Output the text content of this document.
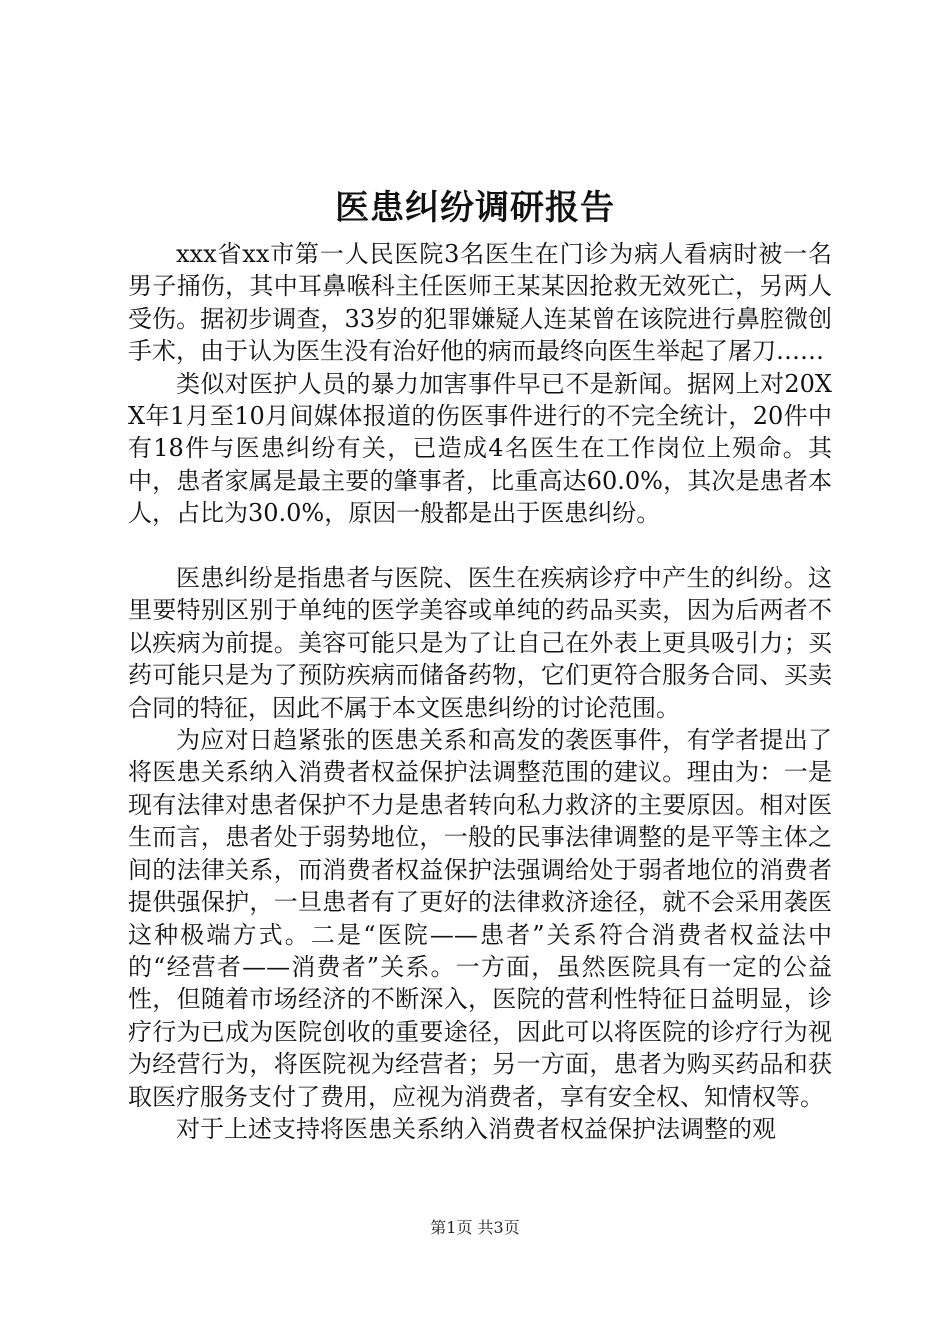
医患纠纷调研报告

xxx省xx市第一人民医院3名医生在门诊为病人看病时被一名男子捅伤，其中耳鼻喉科主任医师王某某因抢救无效死亡，另两人受伤。据初步调查，33岁的犯罪嫌疑人连某曾在该院进行鼻腔微创手术，由于认为医生没有治好他的病而最终向医生举起了屠刀……

类似对医护人员的暴力加害事件早已不是新闻。据网上对20XX年1月至10月间媒体报道的伤医事件进行的不完全统计，20件中有18件与医患纠纷有关，已造成4名医生在工作岗位上殒命。其中，患者家属是最主要的肇事者，比重高达60.0%，其次是患者本人，占比为30.0%，原因一般都是出于医患纠纷。

医患纠纷是指患者与医院、医生在疾病诊疗中产生的纠纷。这里要特别区别于单纯的医学美容或单纯的药品买卖，因为后两者不以疾病为前提。美容可能只是为了让自己在外表上更具吸引力；买药可能只是为了预防疾病而储备药物，它们更符合服务合同、买卖合同的特征，因此不属于本文医患纠纷的讨论范围。

为应对日趋紧张的医患关系和高发的袭医事件，有学者提出了将医患关系纳入消费者权益保护法调整范围的建议。理由为：一是现有法律对患者保护不力是患者转向私力救济的主要原因。相对医生而言，患者处于弱势地位，一般的民事法律调整的是平等主体之间的法律关系，而消费者权益保护法强调给处于弱者地位的消费者提供强保护，一旦患者有了更好的法律救济途径，就不会采用袭医这种极端方式。二是“医院——患者”关系符合消费者权益法中的“经营者——消费者”关系。一方面，虽然医院具有一定的公益性，但随着市场经济的不断深入，医院的营利性特征日益明显，诊疗行为已成为医院创收的重要途径，因此可以将医院的诊疗行为视为经营行为，将医院视为经营者；另一方面，患者为购买药品和获取医疗服务支付了费用，应视为消费者，享有安全权、知情权等。

对于上述支持将医患关系纳入消费者权益保护法调整的观

第1页 共3页
